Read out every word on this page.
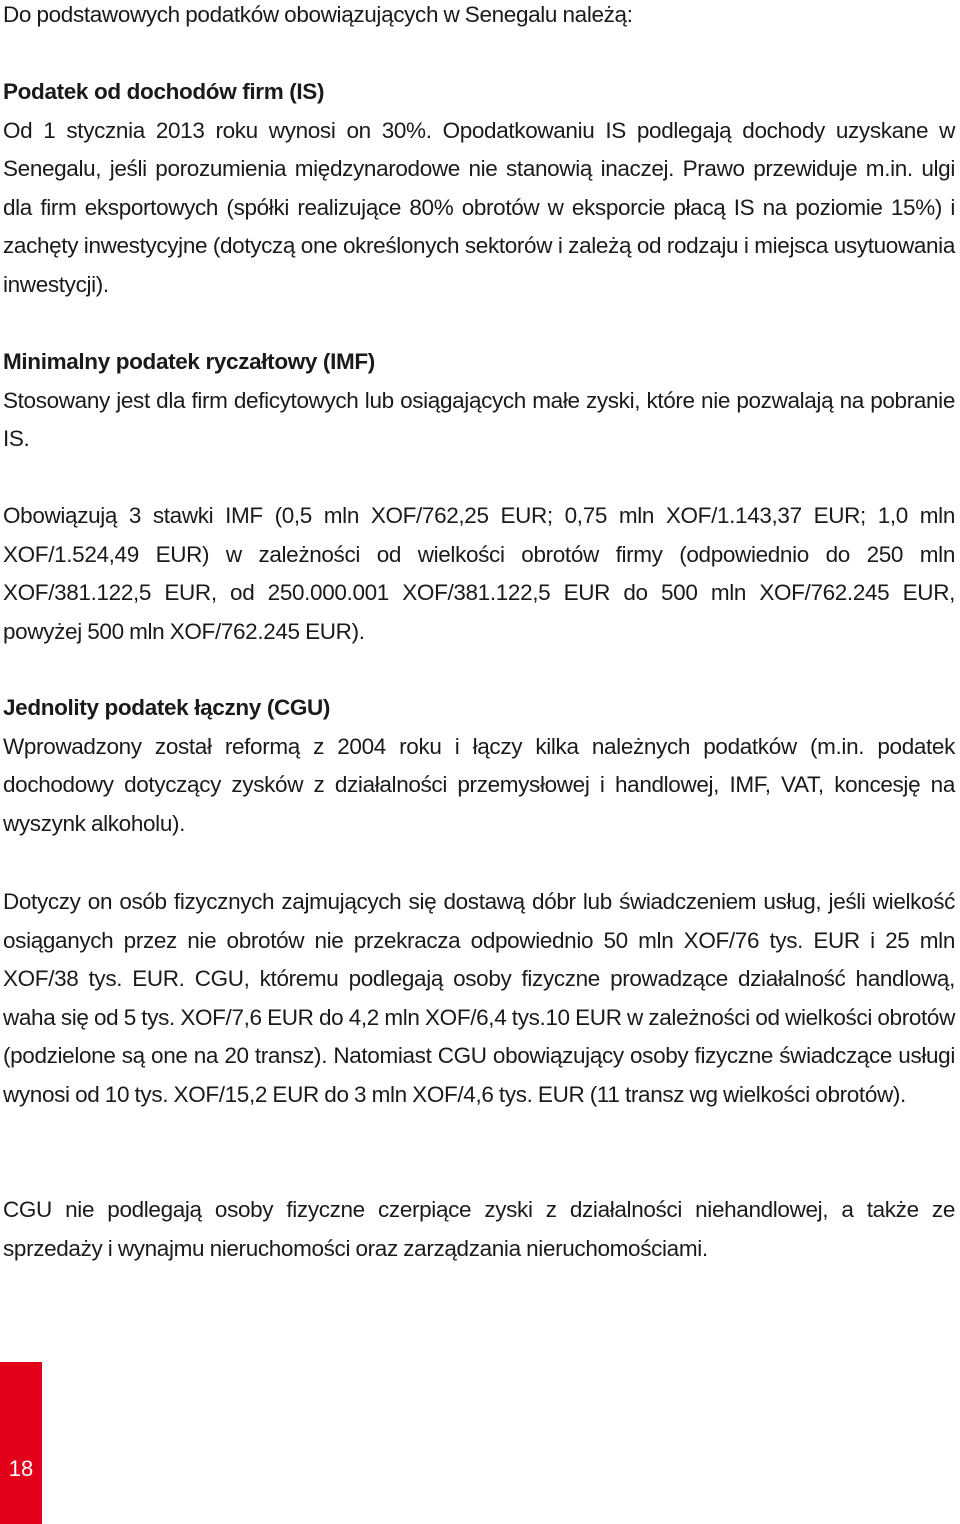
Do podstawowych podatków obowiązujących w Senegalu należą:

Podatek od dochodów firm (IS)

Od 1 stycznia 2013 roku wynosi on 30%. Opodatkowaniu IS podlegają dochody uzyskane w Senegalu, jeśli porozumienia międzynarodowe nie stanowią inaczej. Prawo przewiduje m.in. ulgi dla firm eksportowych (spółki realizujące 80% obrotów w eksporcie płacą IS na poziomie 15%) i zachęty inwestycyjne (dotyczą one określonych sektorów i zależą od rodzaju i miejsca usytuowania inwestycji).

Minimalny podatek ryczałtowy (IMF)

Stosowany jest dla firm deficytowych lub osiągających małe zyski, które nie pozwalają na pobranie IS.

Obowiązują 3 stawki IMF (0,5 mln XOF/762,25 EUR; 0,75 mln XOF/1.143,37 EUR; 1,0 mln XOF/1.524,49 EUR) w zależności od wielkości obrotów firmy (odpowiednio do 250 mln XOF/381.122,5 EUR, od 250.000.001 XOF/381.122,5 EUR do 500 mln XOF/762.245 EUR, powyżej 500 mln XOF/762.245 EUR).

Jednolity podatek łączny (CGU)

Wprowadzony został reformą z 2004 roku i łączy kilka należnych podatków (m.in. podatek dochodowy dotyczący zysków z działalności przemysłowej i handlowej, IMF, VAT, koncesję na wyszynk alkoholu).

Dotyczy on osób fizycznych zajmujących się dostawą dóbr lub świadczeniem usług, jeśli wielkość osiąganych przez nie obrotów nie przekracza odpowiednio 50 mln XOF/76 tys. EUR i 25 mln XOF/38 tys. EUR. CGU, któremu podlegają osoby fizyczne prowadzące działalność handlową, waha się od 5 tys. XOF/7,6 EUR do 4,2 mln XOF/6,4 tys.10 EUR w zależności od wielkości obrotów (podzielone są one na 20 transz). Natomiast CGU obowiązujący osoby fizyczne świadczące usługi wynosi od 10 tys. XOF/15,2 EUR do 3 mln XOF/4,6 tys. EUR (11 transz wg wielkości obrotów).

CGU nie podlegają osoby fizyczne czerpiące zyski z działalności niehandlowej, a także ze sprzedaży i wynajmu nieruchomości oraz zarządzania nieruchomościami.

18
